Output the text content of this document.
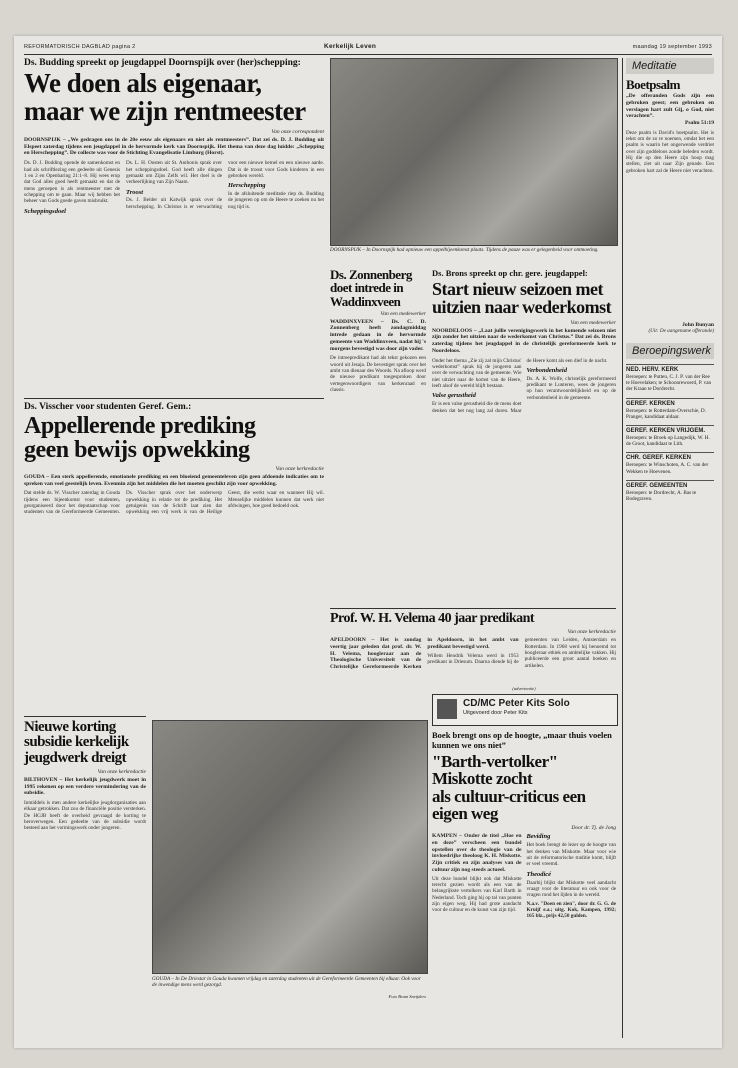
REFORMATORISCH DAGBLAD pagina 2	Kerkelijk Leven	maandag 19 september 1993
Ds. Budding spreekt op jeugdappel Doornspijk over (her)schepping:
We doen als eigenaar,
maar we zijn rentmeester
Van onze correspondent
DOORNSPIJK – „We gedragen ons in de 20e eeuw als eigenaars en niet als rentmeesters”. Dat zei ds. D. J. Budding uit Elspeet zaterdag tijdens een jeugdappel in de hervormde kerk van Doornspijk. Het thema van deze dag luidde: „Schepping en Herschepping”. De collecte was voor de Stichting Evangelisatie Limburg (Horst).

Ds. D. J. Budding opende de samenkomst en had als schriftlezing een gedeelte uit Genesis 1 en 2 en Openbaring 21:1–8. Hij wees erop dat God alles goed heeft gemaakt en dat de mens geroepen is als rentmeester met de schepping om te gaan. Maar wij hebben het beheer van Gods goede gaven misbruikt.

Scheppingsdoel

Ds. L. H. Oosten uit St. Anthonis sprak over het scheppingsdoel. God heeft alle dingen gemaakt om Zijns Zelfs wil. Het doel is de verheerlijking van Zijn Naam.

Troost

Ds. J. Belder uit Katwijk sprak over de herschepping. In Christus is er verwachting voor een nieuwe hemel en een nieuwe aarde. Dat is de troost voor Gods kinderen in een gebroken wereld.

Herschepping

In de afsluitende meditatie riep ds. Budding de jongeren op om de Heere te zoeken nu het nog tijd is.

DOORNSPIJK – In Doornspijk had opnieuw een appelbijeenkomst plaats. Tijdens de pauze was er gelegenheid voor ontmoeting.
Ds. Zonnenberg doet intrede in Waddinxveen
Van een medewerker
WADDINXVEEN – Ds. C. D. Zonnenberg heeft zondagmiddag intrede gedaan in de hervormde gemeente van Waddinxveen, nadat hij 's morgens bevestigd was door zijn vader.
De intreepredikant had als tekst gekozen een woord uit Jesaja. De bevestiger sprak over het ambt van dienaar des Woords. Na afloop werd de nieuwe predikant toegesproken door vertegenwoordigers van kerkenraad en classis.
Ds. Brons spreekt op chr. gere. jeugdappel:
Start nieuw seizoen met uitzien naar wederkomst
Van een medewerker
NOORDELOOS – „Laat jullie verenigingswerk in het komende seizoen niet zijn zonder het uitzien naar de wederkomst van Christus.” Dat zei ds. Brons zaterdag tijdens het jeugdappel in de christelijk gereformeerde kerk te Noordeloos.

Onder het thema „Zie zij zal mijn Christus' wederkomst” sprak hij de jongeren aan over de verwachting van de gemeente. Wie niet uitziet naar de komst van de Heere, leeft alsof de wereld blijft bestaan.

Valse gerustheid

Er is een valse gerustheid die de mens doet denken dat het nog lang zal duren. Maar de Heere komt als een dief in de nacht.

Verbondenheid

Ds. A. K. Wolfe, christelijk gereformeerd predikant te Lunteren, wees de jongeren op hun verantwoordelijkheid en op de verbondenheid in de gemeente.

Ds. Visscher voor studenten Geref. Gem.:
Appellerende prediking
geen bewijs opwekking
Van onze kerkredactie
GOUDA – Een sterk appellerende, emotionele prediking en een bloeiend gemeenteleven zijn geen afdoende indicaties om te spreken van veel geestelijk leven. Evenmin zijn het middelen die het moeten geschikt zijn voor opwekking.
Dat stelde ds. W. Visscher zaterdag in Gouda tijdens een bijeenkomst voor studenten, georganiseerd door het deputaatschap voor studenten van de Gereformeerde Gemeenten. Ds. Visscher sprak over het onderwerp opwekking in relatie tot de prediking. Het getuigenis van de Schrift laat zien dat opwekking een vrij werk is van de Heilige Geest, die werkt waar en wanneer Hij wil. Menselijke middelen kunnen dat werk niet afdwingen, hoe goed bedoeld ook.
Prof. W. H. Velema 40 jaar predikant
Van onze kerkredactie

APELDOORN – Het is zondag veertig jaar geleden dat prof. dr. W. H. Velema, hoogleraar aan de Theologische Universiteit van de Christelijke Gereformeerde Kerken in Apeldoorn, in het ambt van predikant bevestigd werd.

Willem Hendrik Velema werd in 1953 predikant in Driesum. Daarna diende hij de gemeenten van Leiden, Amsterdam en Rotterdam. In 1968 werd hij benoemd tot hoogleraar ethiek en ambtelijke vakken. Hij publiceerde een groot aantal boeken en artikelen.

Nieuwe korting subsidie kerkelijk jeugdwerk dreigt
Van onze kerkredactie
BILTHOVEN – Het kerkelijk jeugdwerk moet in 1995 rekenen op een verdere vermindering van de subsidie.
Inmiddels is men andere kerkelijke jeugdorganisaties aan elkaar getrokken. Dat zou de financiële positie versterken. De HGJB heeft de overheid gevraagd de korting te heroverwegen. Een gedeelte van de subsidie wordt besteed aan het vormingswerk onder jongeren.
GOUDA – In De Driestar in Gouda kwamen vrijdag en zaterdag studenten uit de Gereformeerde Gemeenten bij elkaar. Ook voor de inwendige mens werd gezorgd.
Foto Bram Sneijders
CD/MC Peter Kits Solo
Uitgevoerd door Peter Kits
(advertentie)
Boek brengt ons op de hoogte, „maar thuis voelen kunnen we ons niet”
"Barth-vertolker" Miskotte zocht
als cultuur-criticus een eigen weg
Door dr. Tj. de Jong

KAMPEN – Onder de titel „Hoe en en deze” verscheen een bundel opstellen over de theologie van de invloedrijke theoloog K. H. Miskotte. Zijn critiek en zijn analyses van de cultuur zijn nog steeds actueel.

Uit deze bundel blijkt ook dat Miskotte terecht gezien wordt als een van de belangrijkste vertolkers van Karl Barth in Nederland. Toch ging hij op tal van punten zijn eigen weg. Hij had grote aandacht voor de cultuur en de kunst van zijn tijd.

Beviding

Het boek brengt de lezer op de hoogte van het denken van Miskotte. Maar voor wie uit de reformatorische traditie komt, blijft er veel vreemd.

Theodicé

Daarbij blijkt dat Miskotte veel aandacht vraagt voor de literatuur en ook voor de vragen rond het lijden in de wereld.

N.a.v. "Doen en zien", door dr. G. G. de Kruijf e.a.; uitg. Kok, Kampen, 1992; 165 blz., prijs 42,50 gulden.

Meditatie
Boetpsalm
„De offeranden Gods zijn een gebroken geest; een gebroken en verslagen hart zult Gij, o God, niet verachten”.
Psalm 51:19
Deze psalm is David's boetpsalm. Het is tekst om de zo te noemen, omdat het een psalm is waarin het ongerwende verdriet over zijn goddeloos zonde beleden wordt. Hij die op den Heere zijn hoop mag stellen, ziet uit naar Zijn genade. Een gebroken hart zal de Heere niet verachten.
John Bunyan
(Uit: De aangename offerande)
Beroepingswerk
NED. HERV. KERK

Beroepen: te Putten, C. J. P. van der Ree te Hoevelaken; te Schoonrewoerd, P. van der Kraan te Dordrecht.

GEREF. KERKEN

Beroepen: te Rotterdam-Overschie, D. Pranger, kandidaat aldaar.

GEREF. KERKEN VRIJGEM.

Beroepen: te Broek op Langedijk, W. H. de Groot, kandidaat te Lith.

CHR. GEREF. KERKEN

Beroepen: te Winschoten, A. C. van der Wekken te Hoevenen.

GEREF. GEMEENTEN

Beroepen: te Dordrecht, A. Bas te Bodegraven.
